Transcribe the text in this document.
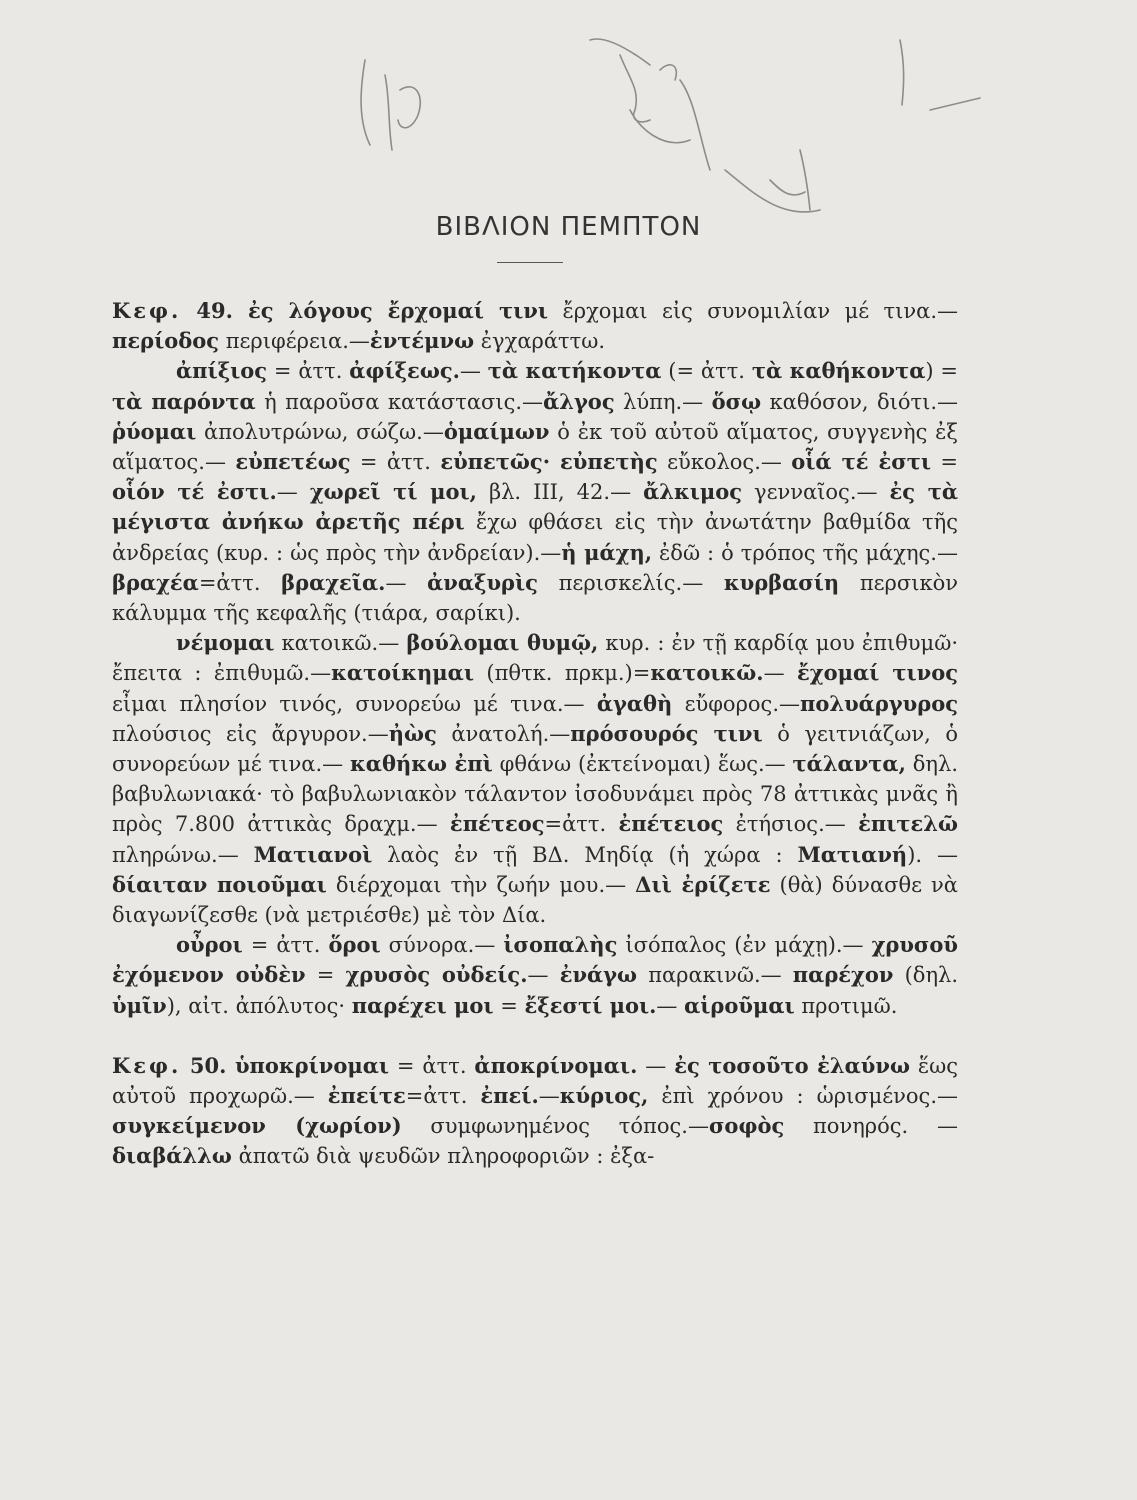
ΒΙΒΛΙΟΝ ΠΕΜΠΤΟΝ

Κεφ. 49. ἐς λόγους ἔρχομαί τινι ἔρχομαι εἰς συνομιλίαν μέ τινα.—περίοδος περιφέρεια.—ἐντέμνω ἐγχαράττω.

ἀπίξιος = ἀττ. ἀφίξεως.— τὰ κατήκοντα (= ἀττ. τὰ καθήκοντα) = τὰ παρόντα ἡ παροῦσα κατάστασις.—ἄλγος λύπη.— ὅσῳ καθόσον, διότι.—ῥύομαι ἀπολυτρώνω, σώζω.—ὁμαίμων ὁ ἐκ τοῦ αὐτοῦ αἵματος, συγγενὴς ἐξ αἵματος.— εὐπετέως = ἀττ. εὐπετῶς· εὐπετὴς εὔκολος.— οἷά τέ ἐστι = οἷόν τέ ἐστι.— χωρεῖ τί μοι, βλ. III, 42.— ἄλκιμος γενναῖος.— ἐς τὰ μέγιστα ἀνήκω ἀρετῆς πέρι ἔχω φθάσει εἰς τὴν ἀνωτάτην βαθμίδα τῆς ἀνδρείας (κυρ. : ὡς πρὸς τὴν ἀνδρείαν).—ἡ μάχη, ἐδῶ : ὁ τρόπος τῆς μάχης.—βραχέα=ἀττ. βραχεῖα.— ἀναξυρὶς περισκελίς.— κυρβασίη περσικὸν κάλυμμα τῆς κεφαλῆς (τιάρα, σαρίκι).

νέμομαι κατοικῶ.— βούλομαι θυμῷ, κυρ. : ἐν τῇ καρδίᾳ μου ἐπιθυμῶ· ἔπειτα : ἐπιθυμῶ.—κατοίκημαι (πθτκ. πρκμ.)=κατοικῶ.— ἔχομαί τινος εἶμαι πλησίον τινός, συνορεύω μέ τινα.— ἀγαθὴ εὔφορος.—πολυάργυρος πλούσιος εἰς ἄργυρον.—ἠὼς ἀνατολή.—πρόσουρός τινι ὁ γειτνιάζων, ὁ συνορεύων μέ τινα.— καθήκω ἐπὶ φθάνω (ἐκτείνομαι) ἕως.— τάλαντα, δηλ. βαβυλωνιακά· τὸ βαβυλωνιακὸν τάλαντον ἰσοδυνάμει πρὸς 78 ἀττικὰς μνᾶς ἢ πρὸς 7.800 ἀττικὰς δραχμ.— ἐπέτεος=ἀττ. ἐπέτειος ἐτήσιος.— ἐπιτελῶ πληρώνω.— Ματιανοὶ λαὸς ἐν τῇ ΒΔ. Μηδίᾳ (ἡ χώρα : Ματιανή). —δίαιταν ποιοῦμαι διέρχομαι τὴν ζωήν μου.— Διὶ ἐρίζετε (θὰ) δύνασθε νὰ διαγωνίζεσθε (νὰ μετριέσθε) μὲ τὸν Δία.

οὖροι = ἀττ. ὅροι σύνορα.— ἰσοπαλὴς ἰσόπαλος (ἐν μάχῃ).— χρυσοῦ ἐχόμενον οὐδὲν = χρυσὸς οὐδείς.— ἐνάγω παρακινῶ.— παρέχον (δηλ. ὑμῖν), αἰτ. ἀπόλυτος· παρέχει μοι = ἔξεστί μοι.— αἱροῦμαι προτιμῶ.

Κεφ. 50. ὑποκρίνομαι = ἀττ. ἀποκρίνομαι. — ἐς τοσοῦτο ἐλαύνω ἕως αὐτοῦ προχωρῶ.— ἐπείτε=ἀττ. ἐπεί.—κύριος, ἐπὶ χρόνου : ὡρισμένος.— συγκείμενον (χωρίον) συμφωνημένος τόπος.—σοφὸς πονηρός. — διαβάλλω ἀπατῶ διὰ ψευδῶν πληροφοριῶν : ἐξα-
